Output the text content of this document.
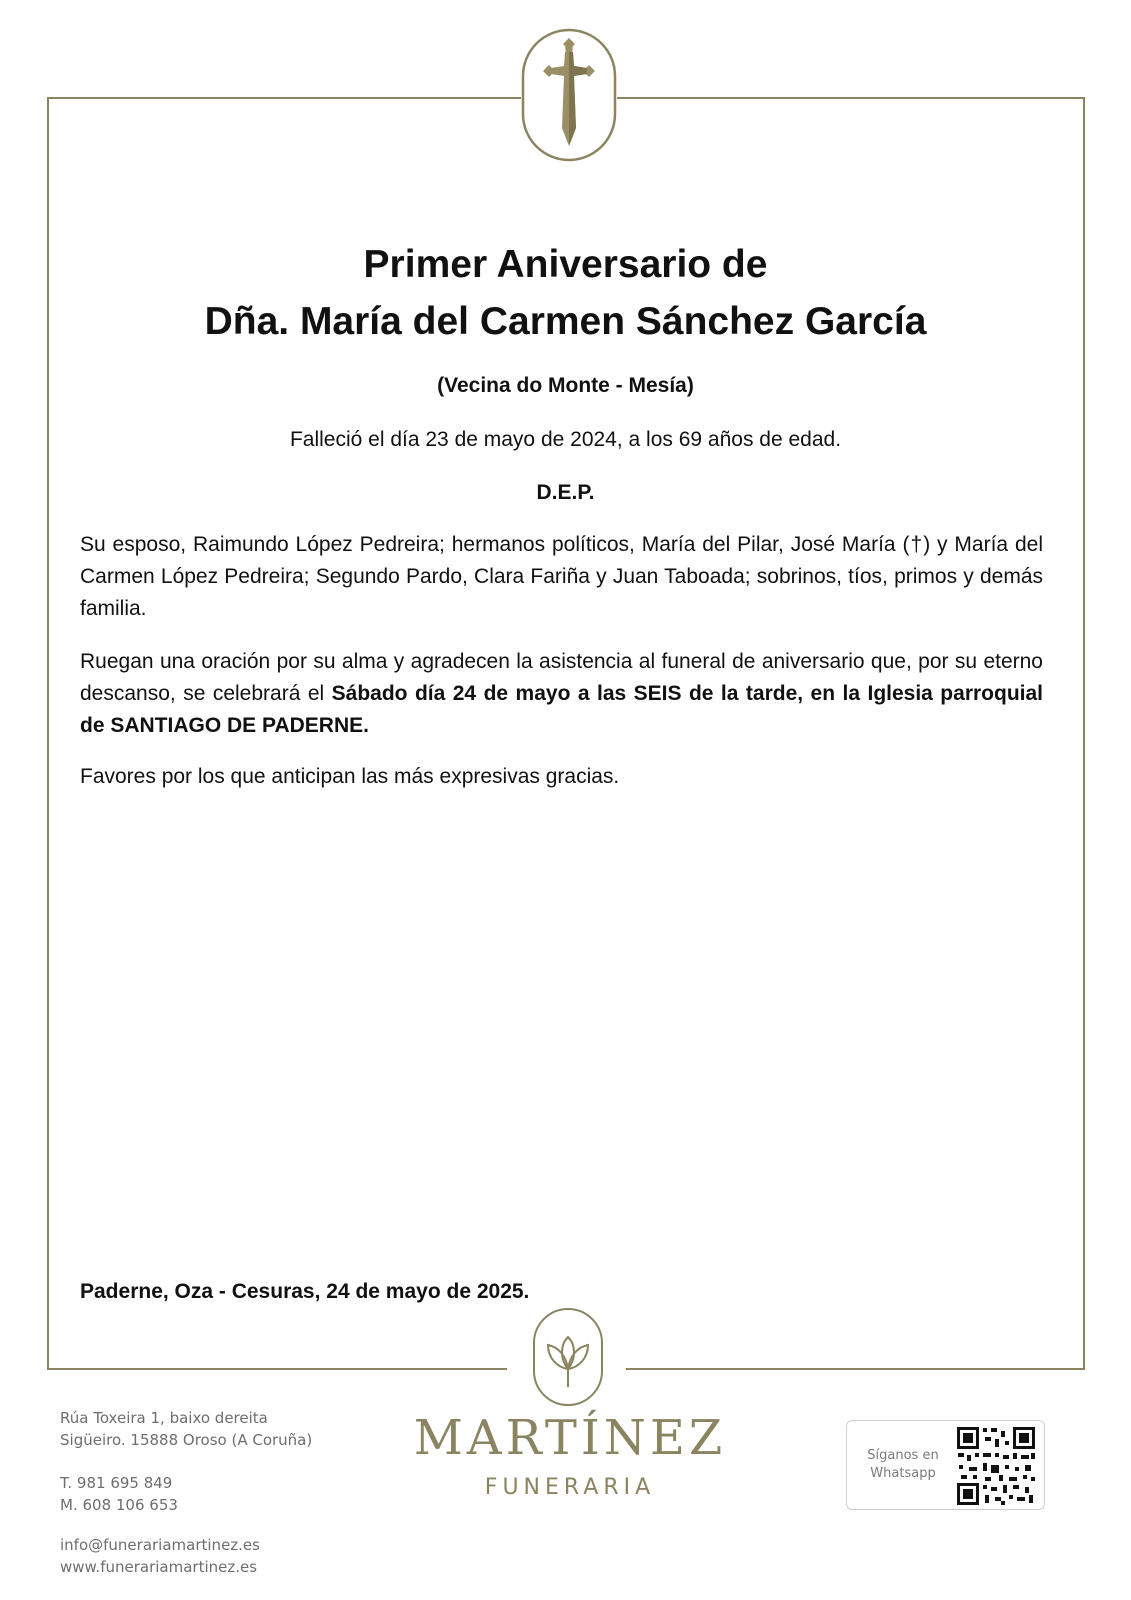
Primer Aniversario de
Dña. María del Carmen Sánchez García

(Vecina do Monte - Mesía)

Falleció el día 23 de mayo de 2024, a los 69 años de edad.

D.E.P.

Su esposo, Raimundo López Pedreira; hermanos políticos, María del Pilar, José María (†) y María del Carmen López Pedreira; Segundo Pardo, Clara Fariña y Juan Taboada; sobrinos, tíos, primos y demás familia.

Ruegan una oración por su alma y agradecen la asistencia al funeral de aniversario que, por su eterno descanso, se celebrará el Sábado día 24 de mayo a las SEIS de la tarde, en la Iglesia parroquial de SANTIAGO DE PADERNE.

Favores por los que anticipan las más expresivas gracias.

Paderne, Oza - Cesuras, 24 de mayo de 2025.

MARTÍNEZ

FUNERARIA

Rúa Toxeira 1, baixo dereita
Sigüeiro. 15888 Oroso (A Coruña)

T. 981 695 849
M. 608 106 653

info@funerariamartinez.es
www.funerariamartinez.es

Síganos en
Whatsapp
